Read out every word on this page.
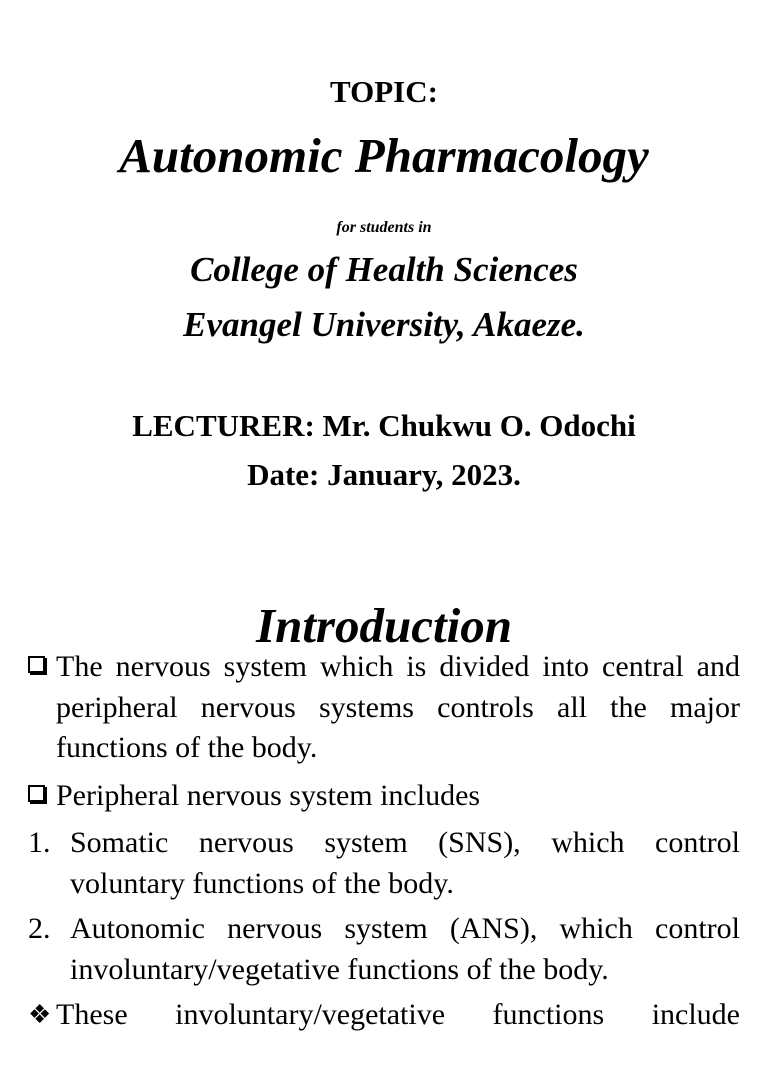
TOPIC:
Autonomic Pharmacology
for students in
College of Health Sciences
Evangel University, Akaeze.
LECTURER: Mr. Chukwu O. Odochi
Date: January, 2023.
Introduction
The nervous system which is divided into central and peripheral nervous systems controls all the major functions of the body.
Peripheral nervous system includes
1. Somatic nervous system (SNS), which control voluntary functions of the body.
2. Autonomic nervous system (ANS), which control involuntary/vegetative functions of the body.
❖ These involuntary/vegetative functions include
